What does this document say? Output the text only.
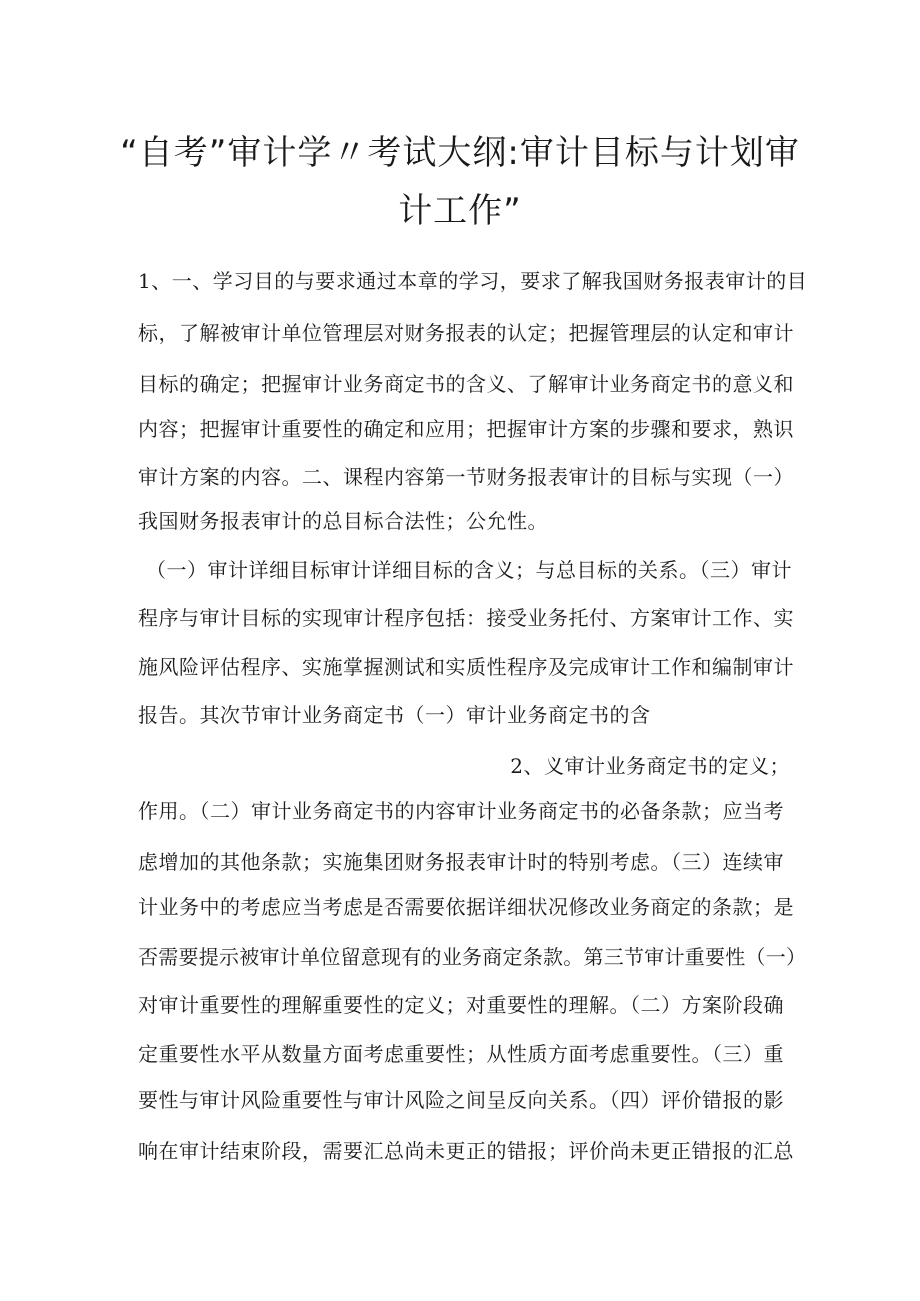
“自考”审计学〃考试大纲:审计目标与计划审
计工作”
1、一、学习目的与要求通过本章的学习，要求了解我国财务报表审计的目
标，了解被审计单位管理层对财务报表的认定；把握管理层的认定和审计
目标的确定；把握审计业务商定书的含义、了解审计业务商定书的意义和
内容；把握审计重要性的确定和应用；把握审计方案的步骤和要求，熟识
审计方案的内容。二、课程内容第一节财务报表审计的目标与实现（一）
我国财务报表审计的总目标合法性；公允性。
（一）审计详细目标审计详细目标的含义；与总目标的关系。（三）审计
程序与审计目标的实现审计程序包括：接受业务托付、方案审计工作、实
施风险评估程序、实施掌握测试和实质性程序及完成审计工作和编制审计
报告。其次节审计业务商定书（一）审计业务商定书的含
2、义审计业务商定书的定义；
作用。（二）审计业务商定书的内容审计业务商定书的必备条款；应当考
虑增加的其他条款；实施集团财务报表审计时的特别考虑。（三）连续审
计业务中的考虑应当考虑是否需要依据详细状况修改业务商定的条款；是
否需要提示被审计单位留意现有的业务商定条款。第三节审计重要性（一）
对审计重要性的理解重要性的定义；对重要性的理解。（二）方案阶段确
定重要性水平从数量方面考虑重要性；从性质方面考虑重要性。（三）重
要性与审计风险重要性与审计风险之间呈反向关系。（四）评价错报的影
响在审计结束阶段，需要汇总尚未更正的错报；评价尚未更正错报的汇总
